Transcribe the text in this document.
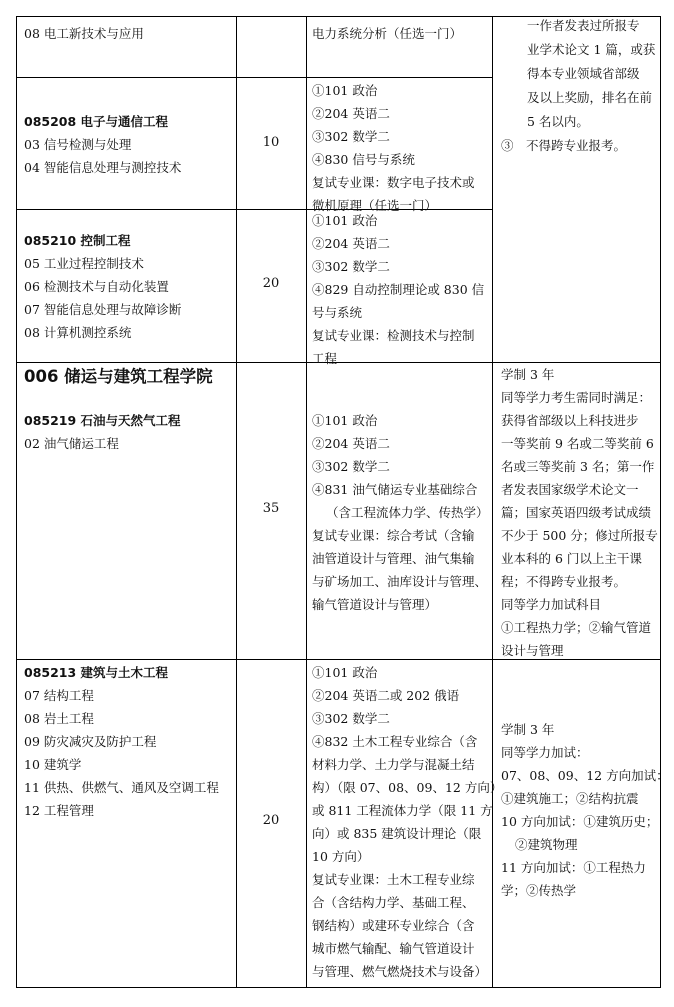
08 电工新技术与应用	电力系统分析（任选一门）
一作者发表过所报专
业学术论文 1 篇，或获
得本专业领域省部级
及以上奖励，排名在前
5 名以内。
③　不得跨专业报考。
085208 电子与通信工程
03 信号检测与处理
04 智能信息处理与测控技术
10
①101 政治
②204 英语二
③302 数学二
④830 信号与系统
复试专业课：数字电子技术或
微机原理（任选一门）
085210 控制工程
05 工业过程控制技术
06 检测技术与自动化装置
07 智能信息处理与故障诊断
08 计算机测控系统
20
①101 政治
②204 英语二
③302 数学二
④829 自动控制理论或 830 信
号与系统
复试专业课：检测技术与控制
工程
006 储运与建筑工程学院
085219 石油与天然气工程
02 油气储运工程
35
①101 政治
②204 英语二
③302 数学二
④831 油气储运专业基础综合
（含工程流体力学、传热学）
复试专业课：综合考试（含输
油管道设计与管理、油气集输
与矿场加工、油库设计与管理、
输气管道设计与管理）
学制 3 年
同等学力考生需同时满足：
获得省部级以上科技进步
一等奖前 9 名或二等奖前 6
名或三等奖前 3 名；第一作
者发表国家级学术论文一
篇；国家英语四级考试成绩
不少于 500 分；修过所报专
业本科的 6 门以上主干课
程；不得跨专业报考。
同等学力加试科目
①工程热力学；②输气管道
设计与管理
085213 建筑与土木工程
07 结构工程
08 岩土工程
09 防灾减灾及防护工程
10 建筑学
11 供热、供燃气、通风及空调工程
12 工程管理
20
①101 政治
②204 英语二或 202 俄语
③302 数学二
④832 土木工程专业综合（含
材料力学、土力学与混凝土结
构）（限 07、08、09、12 方向）
或 811 工程流体力学（限 11 方
向）或 835 建筑设计理论（限
10 方向）
复试专业课：土木工程专业综
合（含结构力学、基础工程、
钢结构）或建环专业综合（含
城市燃气输配、输气管道设计
与管理、燃气燃烧技术与设备）
学制 3 年
同等学力加试：
07、08、09、12 方向加试：
①建筑施工；②结构抗震
10 方向加试：①建筑历史；
②建筑物理
11 方向加试：①工程热力
学；②传热学
